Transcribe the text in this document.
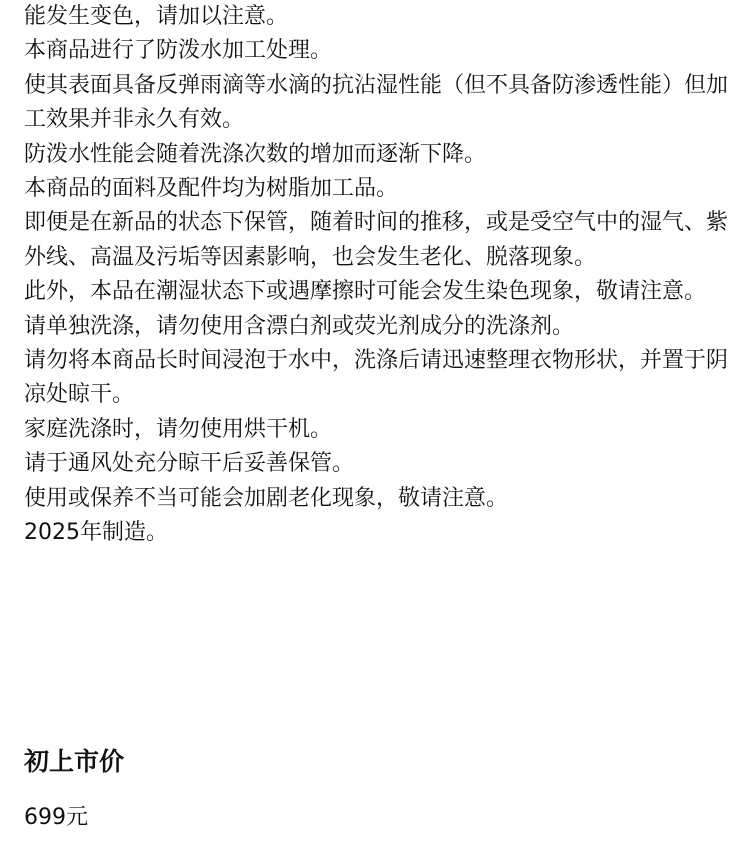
能发生变色，请加以注意。
本商品进行了防泼水加工处理。
使其表面具备反弹雨滴等水滴的抗沾湿性能（但不具备防渗透性能）但加工效果并非永久有效。
防泼水性能会随着洗涤次数的增加而逐渐下降。
本商品的面料及配件均为树脂加工品。
即便是在新品的状态下保管，随着时间的推移，或是受空气中的湿气、紫外线、高温及污垢等因素影响，也会发生老化、脱落现象。
此外，本品在潮湿状态下或遇摩擦时可能会发生染色现象，敬请注意。
请单独洗涤，请勿使用含漂白剂或荧光剂成分的洗涤剂。
请勿将本商品长时间浸泡于水中，洗涤后请迅速整理衣物形状，并置于阴凉处晾干。
家庭洗涤时，请勿使用烘干机。
请于通风处充分晾干后妥善保管。
使用或保养不当可能会加剧老化现象，敬请注意。
2025年制造。
初上市价

699元
